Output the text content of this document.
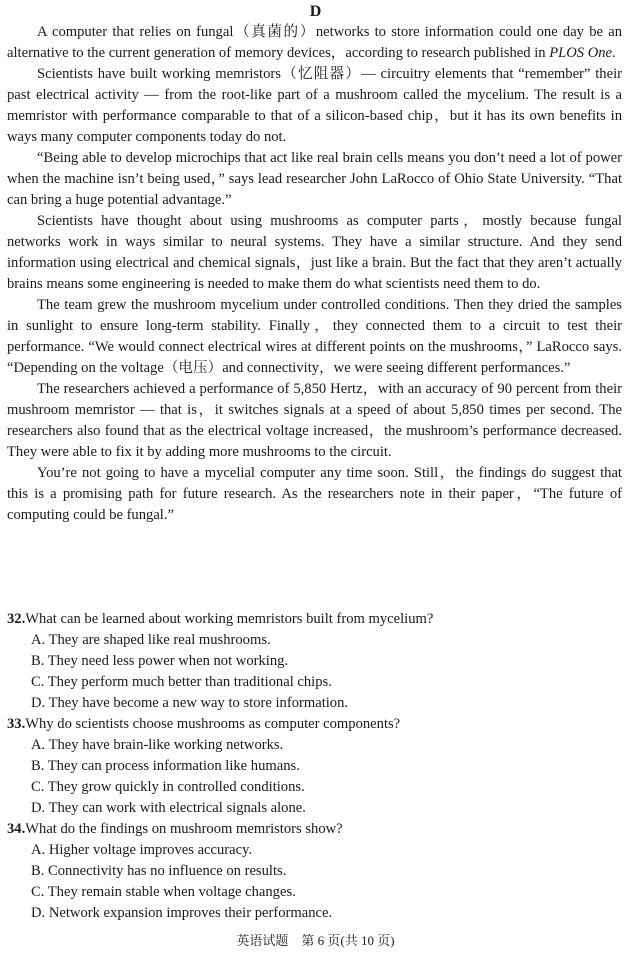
D

A computer that relies on fungal（真菌的）networks to store information could one day be an alternative to the current generation of memory devices，according to research published in PLOS One.

Scientists have built working memristors（忆阻器）— circuitry elements that “remember” their past electrical activity — from the root-like part of a mushroom called the mycelium. The result is a memristor with performance comparable to that of a silicon-based chip，but it has its own benefits in ways many computer components today do not.

“Being able to develop microchips that act like real brain cells means you don’t need a lot of power when the machine isn’t being used，” says lead researcher John LaRocco of Ohio State University. “That can bring a huge potential advantage.”

Scientists have thought about using mushrooms as computer parts，mostly because fungal networks work in ways similar to neural systems. They have a similar structure. And they send information using electrical and chemical signals，just like a brain. But the fact that they aren’t actually brains means some engineering is needed to make them do what scientists need them to do.

The team grew the mushroom mycelium under controlled conditions. Then they dried the samples in sunlight to ensure long-term stability. Finally，they connected them to a circuit to test their performance. “We would connect electrical wires at different points on the mushrooms，” LaRocco says. “Depending on the voltage（电压）and connectivity，we were seeing different performances.”

The researchers achieved a performance of 5,850 Hertz，with an accuracy of 90 percent from their mushroom memristor — that is，it switches signals at a speed of about 5,850 times per second. The researchers also found that as the electrical voltage increased，the mushroom’s performance decreased. They were able to fix it by adding more mushrooms to the circuit.

You’re not going to have a mycelial computer any time soon. Still，the findings do suggest that this is a promising path for future research. As the researchers note in their paper，“The future of computing could be fungal.”

32.What can be learned about working memristors built from mycelium?

A. They are shaped like real mushrooms.

B. They need less power when not working.

C. They perform much better than traditional chips.

D. They have become a new way to store information.

33.Why do scientists choose mushrooms as computer components?

A. They have brain-like working networks.

B. They can process information like humans.

C. They grow quickly in controlled conditions.

D. They can work with electrical signals alone.

34.What do the findings on mushroom memristors show?

A. Higher voltage improves accuracy.

B. Connectivity has no influence on results.

C. They remain stable when voltage changes.

D. Network expansion improves their performance.

英语试题　第 6 页(共 10 页)
